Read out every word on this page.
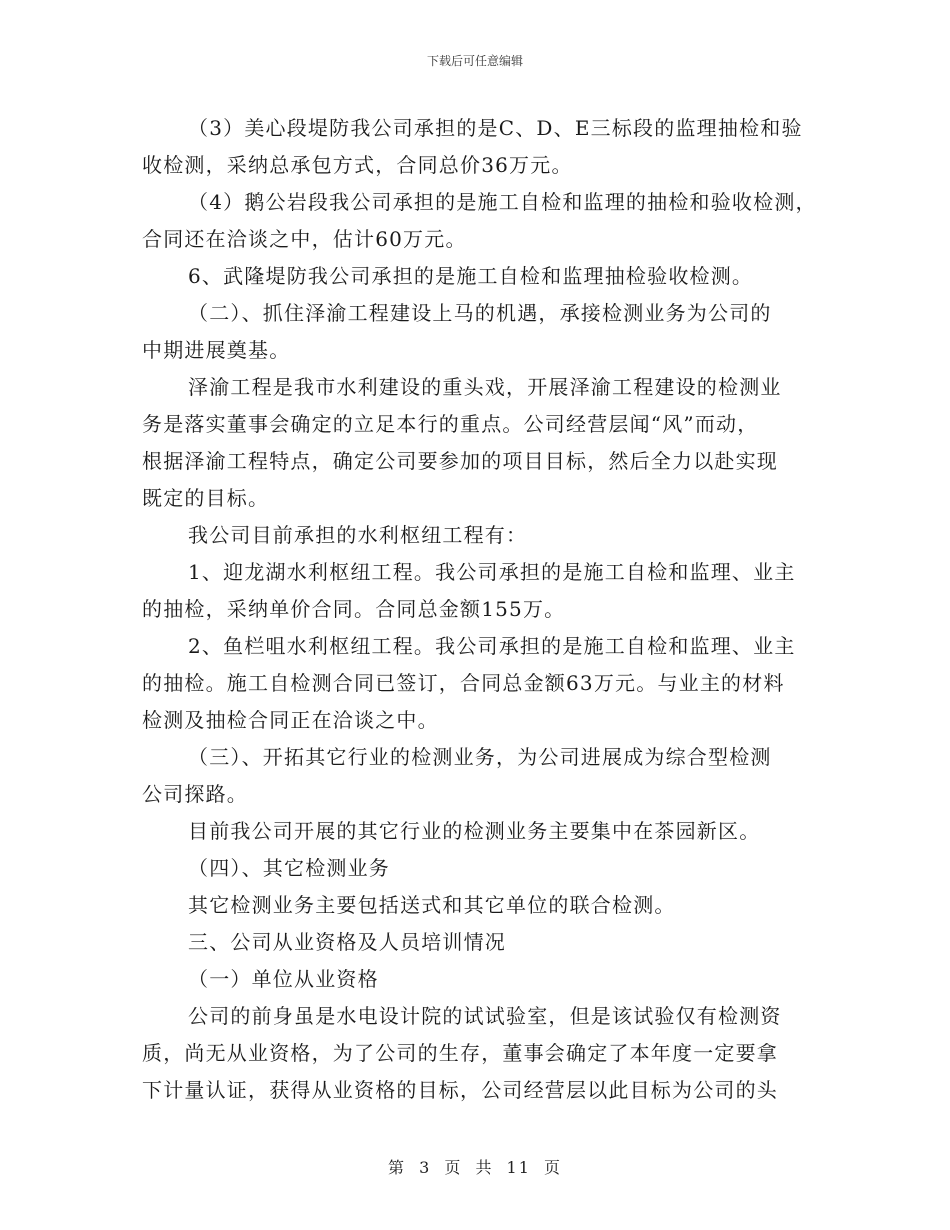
下载后可任意编辑
（3）美心段堤防我公司承担的是C、D、E三标段的监理抽检和验
收检测，采纳总承包方式，合同总价36万元。
（4）鹅公岩段我公司承担的是施工自检和监理的抽检和验收检测，
合同还在洽谈之中，估计60万元。
6、武隆堤防我公司承担的是施工自检和监理抽检验收检测。
（二）、抓住泽渝工程建设上马的机遇，承接检测业务为公司的
中期进展奠基。
泽渝工程是我市水利建设的重头戏，开展泽渝工程建设的检测业
务是落实董事会确定的立足本行的重点。公司经营层闻“风”而动，
根据泽渝工程特点，确定公司要参加的项目目标，然后全力以赴实现
既定的目标。
我公司目前承担的水利枢纽工程有：
1、迎龙湖水利枢纽工程。我公司承担的是施工自检和监理、业主
的抽检，采纳单价合同。合同总金额155万。
2、鱼栏咀水利枢纽工程。我公司承担的是施工自检和监理、业主
的抽检。施工自检测合同已签订，合同总金额63万元。与业主的材料
检测及抽检合同正在洽谈之中。
（三）、开拓其它行业的检测业务，为公司进展成为综合型检测
公司探路。
目前我公司开展的其它行业的检测业务主要集中在茶园新区。
（四）、其它检测业务
其它检测业务主要包括送式和其它单位的联合检测。
三、公司从业资格及人员培训情况
（一）单位从业资格
公司的前身虽是水电设计院的试试验室，但是该试验仅有检测资
质，尚无从业资格，为了公司的生存，董事会确定了本年度一定要拿
下计量认证，获得从业资格的目标，公司经营层以此目标为公司的头
第 3 页 共 11 页
